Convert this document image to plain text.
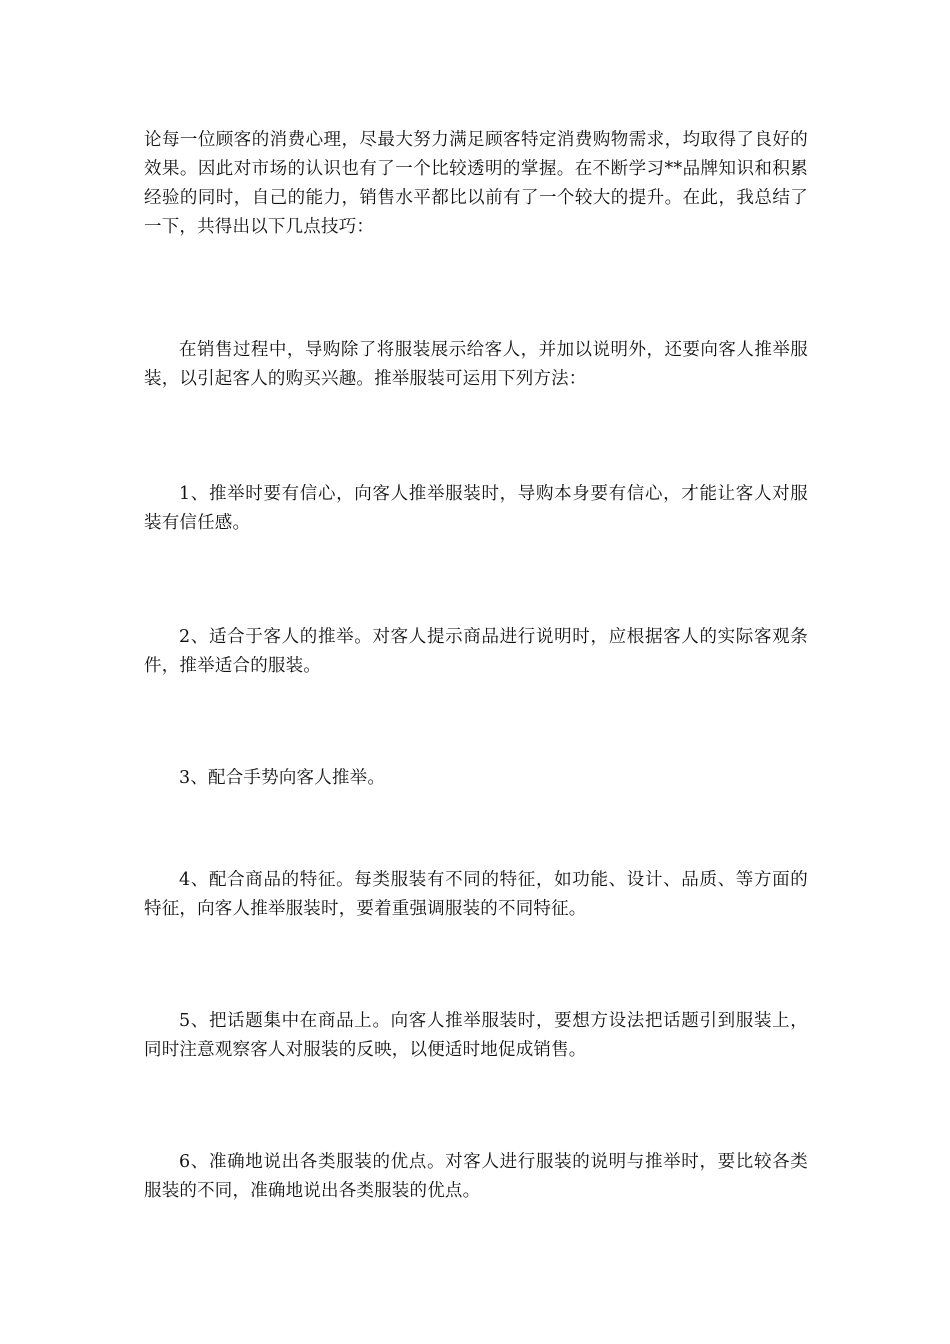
论每一位顾客的消费心理，尽最大努力满足顾客特定消费购物需求，均取得了良好的效果。因此对市场的认识也有了一个比较透明的掌握。在不断学习**品牌知识和积累经验的同时，自己的能力，销售水平都比以前有了一个较大的提升。在此，我总结了一下，共得出以下几点技巧：

在销售过程中，导购除了将服装展示给客人，并加以说明外，还要向客人推举服装，以引起客人的购买兴趣。推举服装可运用下列方法：

1、推举时要有信心，向客人推举服装时，导购本身要有信心，才能让客人对服装有信任感。

2、适合于客人的推举。对客人提示商品进行说明时，应根据客人的实际客观条件，推举适合的服装。

3、配合手势向客人推举。

4、配合商品的特征。每类服装有不同的特征，如功能、设计、品质、等方面的特征，向客人推举服装时，要着重强调服装的不同特征。

5、把话题集中在商品上。向客人推举服装时，要想方设法把话题引到服装上，同时注意观察客人对服装的反映，以便适时地促成销售。

6、准确地说出各类服装的优点。对客人进行服装的说明与推举时，要比较各类服装的不同，准确地说出各类服装的优点。
